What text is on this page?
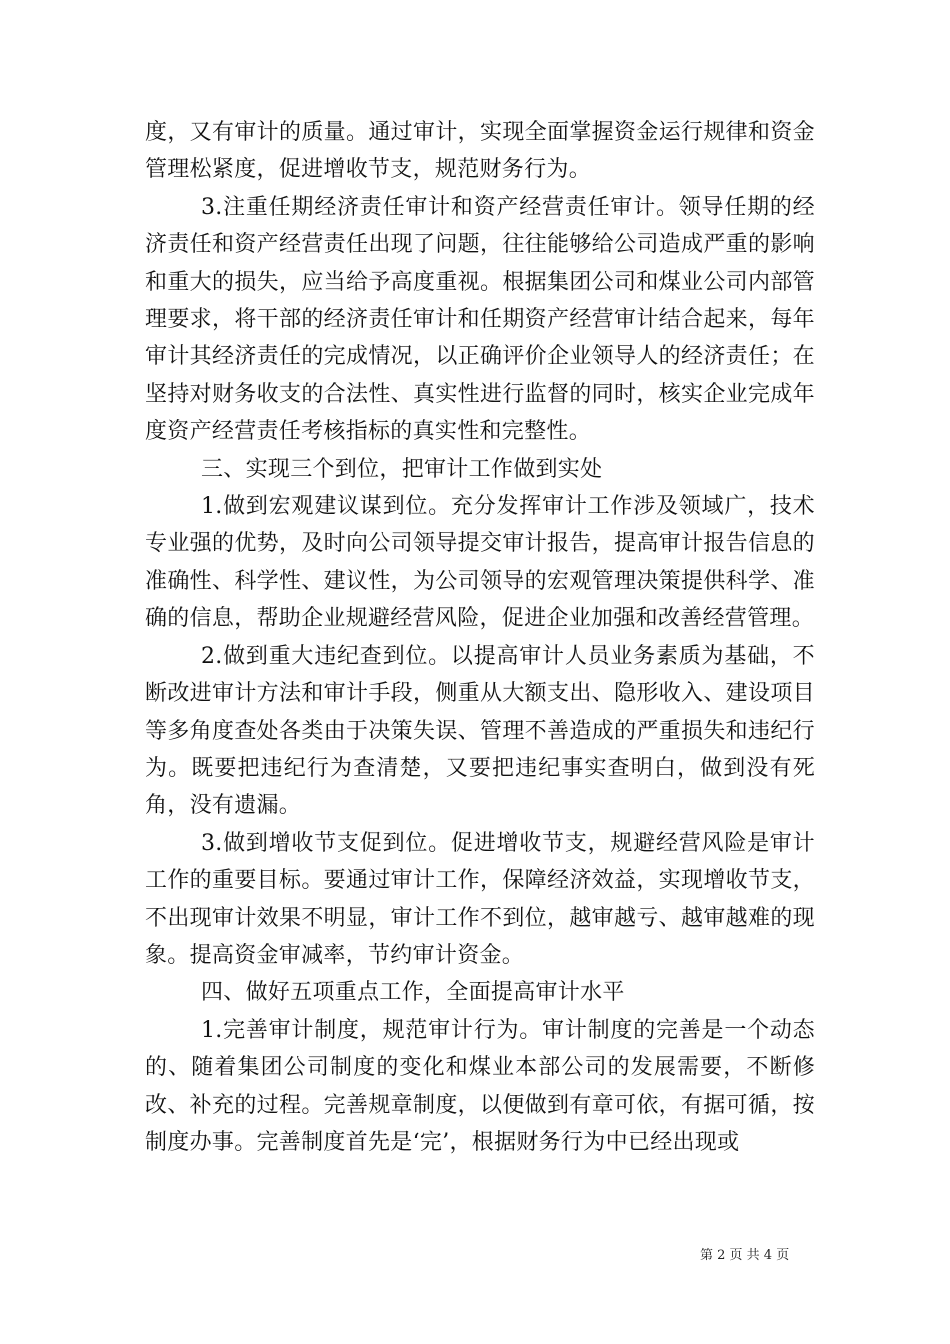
度，又有审计的质量。通过审计，实现全面掌握资金运行规律和资金管理松紧度，促进增收节支，规范财务行为。

3.注重任期经济责任审计和资产经营责任审计。领导任期的经济责任和资产经营责任出现了问题，往往能够给公司造成严重的影响和重大的损失，应当给予高度重视。根据集团公司和煤业公司内部管理要求，将干部的经济责任审计和任期资产经营审计结合起来，每年审计其经济责任的完成情况，以正确评价企业领导人的经济责任；在坚持对财务收支的合法性、真实性进行监督的同时，核实企业完成年度资产经营责任考核指标的真实性和完整性。

三、实现三个到位，把审计工作做到实处

1.做到宏观建议谋到位。充分发挥审计工作涉及领域广，技术专业强的优势，及时向公司领导提交审计报告，提高审计报告信息的准确性、科学性、建议性，为公司领导的宏观管理决策提供科学、准确的信息，帮助企业规避经营风险，促进企业加强和改善经营管理。

2.做到重大违纪查到位。以提高审计人员业务素质为基础，不断改进审计方法和审计手段，侧重从大额支出、隐形收入、建设项目等多角度查处各类由于决策失误、管理不善造成的严重损失和违纪行为。既要把违纪行为查清楚，又要把违纪事实查明白，做到没有死角，没有遗漏。

3.做到增收节支促到位。促进增收节支，规避经营风险是审计工作的重要目标。要通过审计工作，保障经济效益，实现增收节支，不出现审计效果不明显，审计工作不到位，越审越亏、越审越难的现象。提高资金审减率，节约审计资金。

四、做好五项重点工作，全面提高审计水平

1.完善审计制度，规范审计行为。审计制度的完善是一个动态的、随着集团公司制度的变化和煤业本部公司的发展需要，不断修改、补充的过程。完善规章制度，以便做到有章可依，有据可循，按制度办事。完善制度首先是‘完’，根据财务行为中已经出现或

第 2 页 共 4 页
